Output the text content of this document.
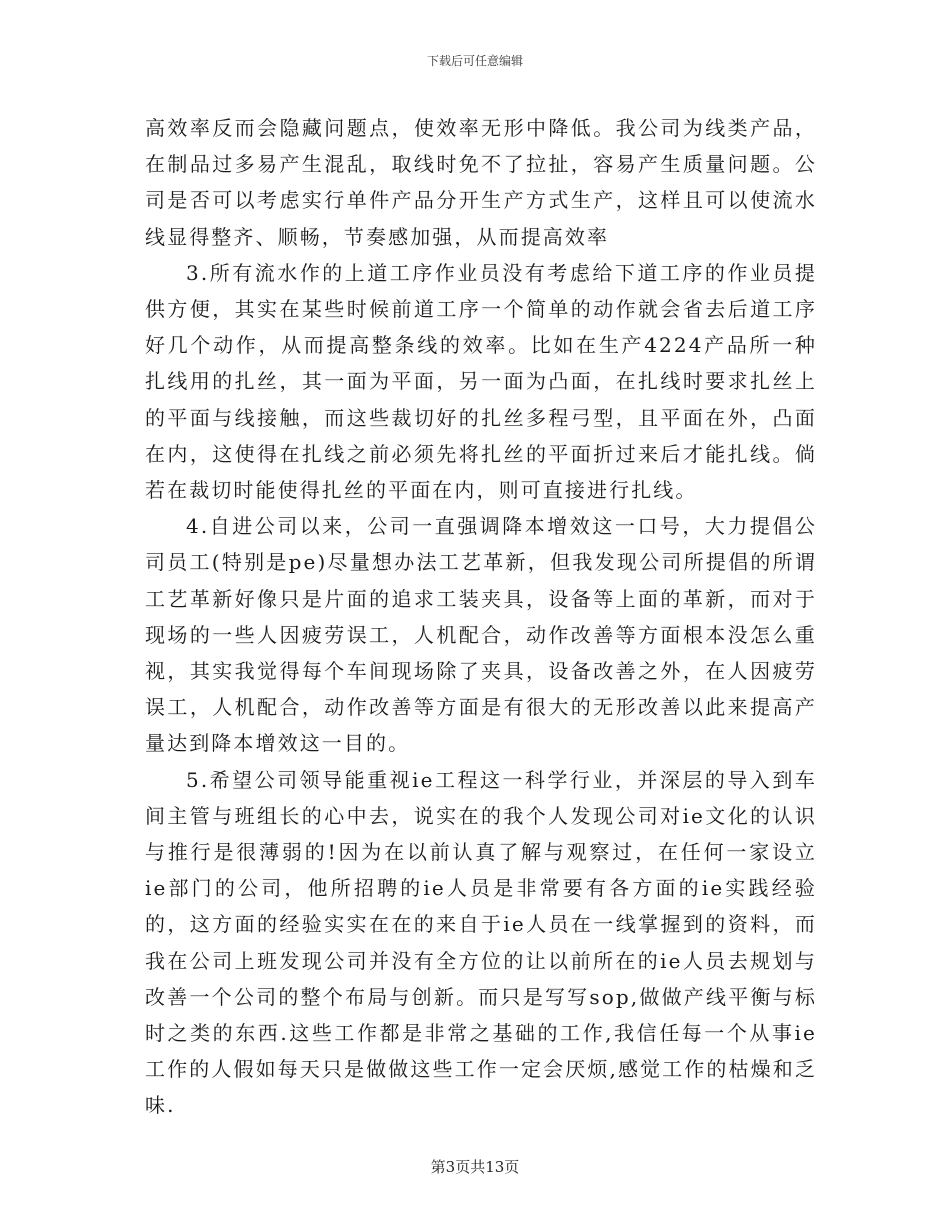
下载后可任意编辑

高效率反而会隐藏问题点，使效率无形中降低。我公司为线类产品，在制品过多易产生混乱，取线时免不了拉扯，容易产生质量问题。公司是否可以考虑实行单件产品分开生产方式生产，这样且可以使流水线显得整齐、顺畅，节奏感加强，从而提高效率

3.所有流水作的上道工序作业员没有考虑给下道工序的作业员提供方便，其实在某些时候前道工序一个简单的动作就会省去后道工序好几个动作，从而提高整条线的效率。比如在生产4224产品所一种扎线用的扎丝，其一面为平面，另一面为凸面，在扎线时要求扎丝上的平面与线接触，而这些裁切好的扎丝多程弓型，且平面在外，凸面在内，这使得在扎线之前必须先将扎丝的平面折过来后才能扎线。倘若在裁切时能使得扎丝的平面在内，则可直接进行扎线。

4.自进公司以来，公司一直强调降本增效这一口号，大力提倡公司员工(特别是pe)尽量想办法工艺革新，但我发现公司所提倡的所谓工艺革新好像只是片面的追求工装夹具，设备等上面的革新，而对于现场的一些人因疲劳误工，人机配合，动作改善等方面根本没怎么重视，其实我觉得每个车间现场除了夹具，设备改善之外，在人因疲劳误工，人机配合，动作改善等方面是有很大的无形改善以此来提高产量达到降本增效这一目的。

5.希望公司领导能重视ie工程这一科学行业，并深层的导入到车间主管与班组长的心中去，说实在的我个人发现公司对ie文化的认识与推行是很薄弱的!因为在以前认真了解与观察过，在任何一家设立ie部门的公司，他所招聘的ie人员是非常要有各方面的ie实践经验的，这方面的经验实实在在的来自于ie人员在一线掌握到的资料，而我在公司上班发现公司并没有全方位的让以前所在的ie人员去规划与改善一个公司的整个布局与创新。而只是写写sop,做做产线平衡与标时之类的东西.这些工作都是非常之基础的工作,我信任每一个从事ie工作的人假如每天只是做做这些工作一定会厌烦,感觉工作的枯燥和乏味.

第3页共13页
